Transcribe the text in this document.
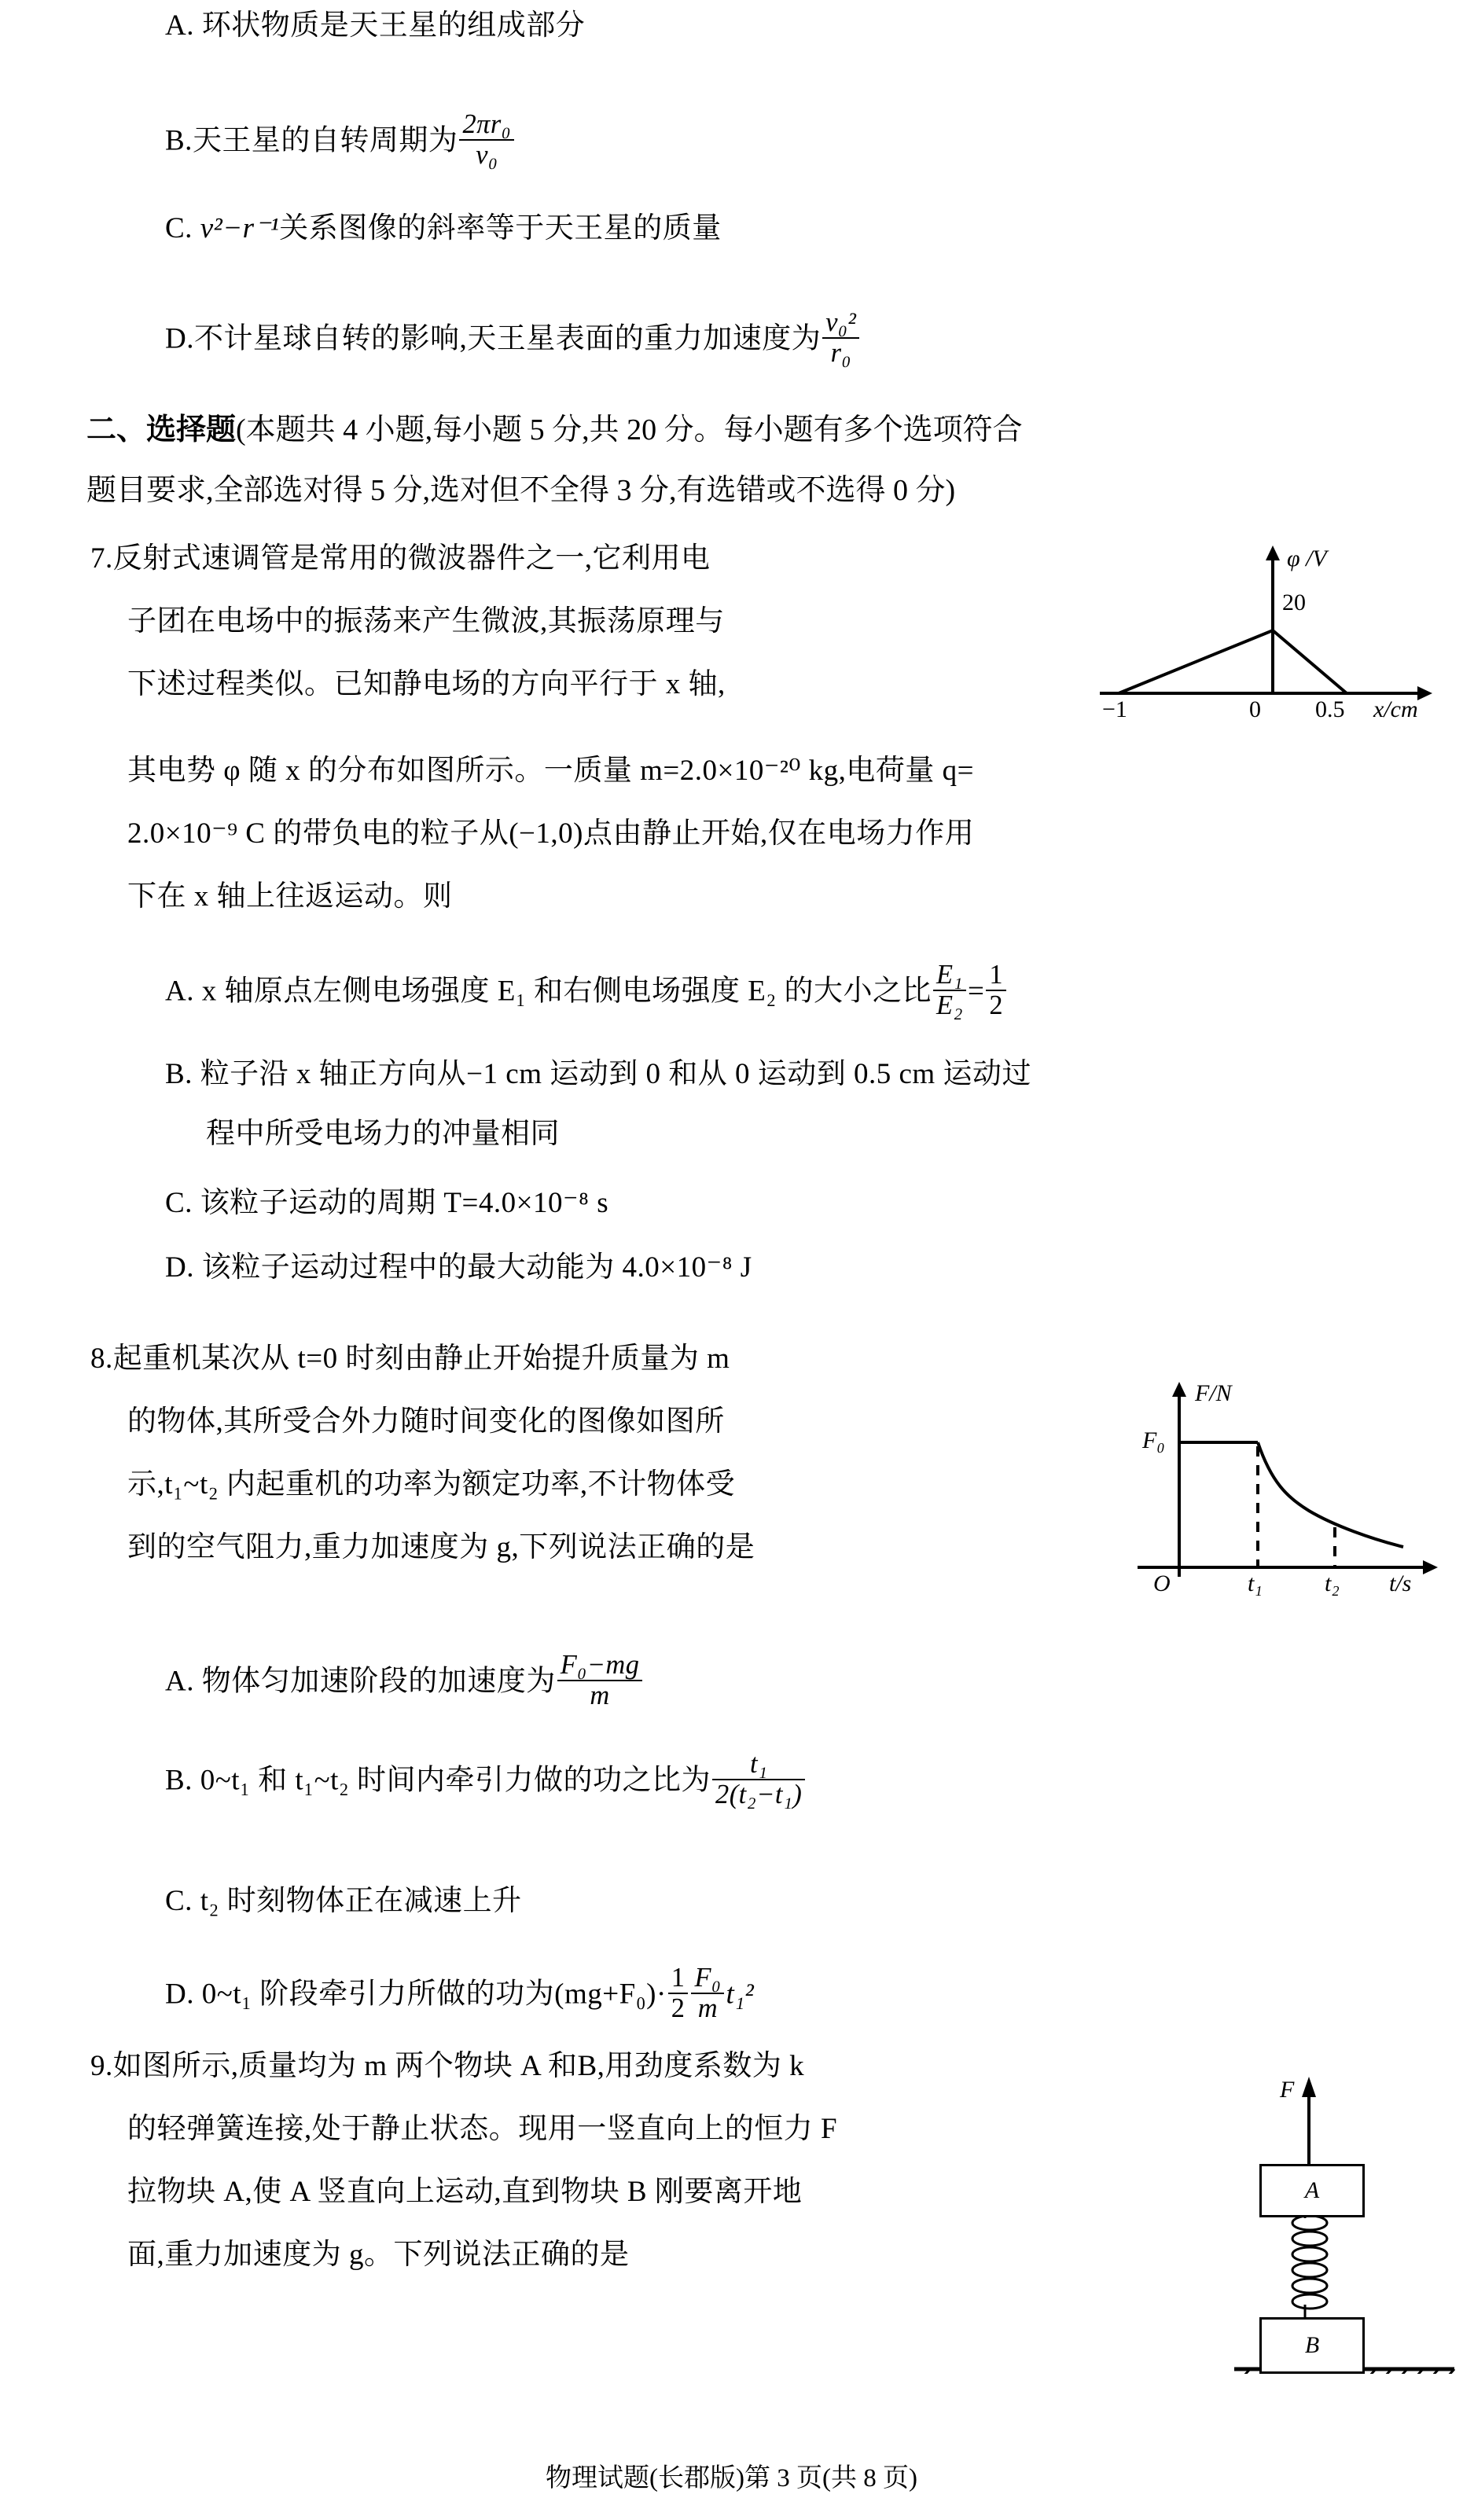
A. 环状物质是天王星的组成部分
B.天王星的自转周期为 $\frac{\text{2πr₀}}{\text{v₀}}$
C. v²−r⁻¹关系图像的斜率等于天王星的质量
D.不计星球自转的影响,天王星表面的重力加速度为 $\frac{\text{v₀²}}{\text{r₀}}$
二、选择题(本题共 4 小题,每小题 5 分,共 20 分。每小题有多个选项符合
题目要求,全部选对得 5 分,选对但不全得 3 分,有选错或不选得 0 分)
7.反射式速调管是常用的微波器件之一,它利用电
子团在电场中的振荡来产生微波,其振荡原理与
下述过程类似。已知静电场的方向平行于 x 轴,
其电势 φ 随 x 的分布如图所示。一质量 m=2.0×10⁻²⁰ kg,电荷量 q=
2.0×10⁻⁹ C 的带负电的粒子从(−1,0)点由静止开始,仅在电场力作用
下在 x 轴上往返运动。则
φ /V
20
−1	0 0.5 x/cm
A. x 轴原点左侧电场强度 E₁ 和右侧电场强度 E₂ 的大小之比 $\frac{\text{E₁}}{\text{E₂}} = \frac{1}{2}$
B. 粒子沿 x 轴正方向从−1 cm 运动到 0 和从 0 运动到 0.5 cm 运动过
程中所受电场力的冲量相同
C. 该粒子运动的周期 T=4.0×10⁻⁸ s
D. 该粒子运动过程中的最大动能为 4.0×10⁻⁸ J
8.起重机某次从 t=0 时刻由静止开始提升质量为 m
的物体,其所受合外力随时间变化的图像如图所
示,t₁~t₂ 内起重机的功率为额定功率,不计物体受
到的空气阻力,重力加速度为 g,下列说法正确的是
F/N
F₀
O	t₁	t₂ t/s
A. 物体匀加速阶段的加速度为 $\frac{\text{F₀−mg}}{m}$
B. 0~t₁ 和 t₁~t₂ 时间内牵引力做的功之比为 $\frac{\text{t₁}}{\text{2(t₂−t₁)}}$
C. t₂ 时刻物体正在减速上升
D. 0~t₁ 阶段牵引力所做的功为$(mg+F_0)\cdot \frac{1}{2} \frac{\text{F₀}}{m} t_1^2$
9.如图所示,质量均为 m 两个物块 A 和B,用劲度系数为 k
的轻弹簧连接,处于静止状态。现用一竖直向上的恒力 F
拉物块 A,使 A 竖直向上运动,直到物块 B 刚要离开地
面,重力加速度为 g。下列说法正确的是
F
A
B
物理试题(长郡版)第 3 页(共 8 页)
